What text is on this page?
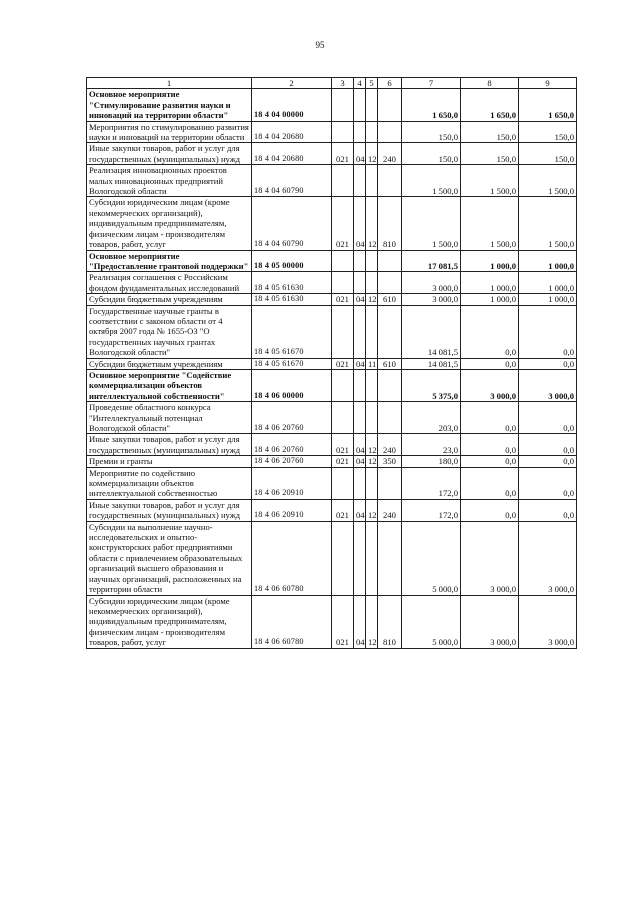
95
1	2	3	4	5	6	7	8	9
Основное мероприятие "Стимулирование развития науки и инноваций на территории области"	18 4 04 00000					1 650,0	1 650,0	1 650,0
Мероприятия по стимулированию развития науки и инноваций на территории области	18 4 04 20680					150,0	150,0	150,0
Иные закупки товаров, работ и услуг для государственных (муниципальных) нужд	18 4 04 20680	021	04	12	240	150,0	150,0	150,0
Реализация инновационных проектов малых инновационных предприятий Вологодской области	18 4 04 60790					1 500,0	1 500,0	1 500,0
Субсидии юридическим лицам (кроме некоммерческих организаций), индивидуальным предпринимателям, физическим лицам - производителям товаров, работ, услуг	18 4 04 60790	021	04	12	810	1 500,0	1 500,0	1 500,0
Основное мероприятие "Предоставление грантовой поддержки"	18 4 05 00000					17 081,5	1 000,0	1 000,0
Реализация соглашения с Российским фондом фундаментальных исследований	18 4 05 61630					3 000,0	1 000,0	1 000,0
Субсидии бюджетным учреждениям	18 4 05 61630	021	04	12	610	3 000,0	1 000,0	1 000,0
Государственные научные гранты в соответствии с законом области от 4 октября 2007 года № 1655-ОЗ "О государственных научных грантах Вологодской области"	18 4 05 61670					14 081,5	0,0	0,0
Субсидии бюджетным учреждениям	18 4 05 61670	021	04	11	610	14 081,5	0,0	0,0
Основное мероприятие "Содействие коммерциализации объектов интеллектуальной собственности"	18 4 06 00000					5 375,0	3 000,0	3 000,0
Проведение областного конкурса "Интеллектуальный потенциал Вологодской области"	18 4 06 20760					203,0	0,0	0,0
Иные закупки товаров, работ и услуг для государственных (муниципальных) нужд	18 4 06 20760	021	04	12	240	23,0	0,0	0,0
Премии и гранты	18 4 06 20760	021	04	12	350	180,0	0,0	0,0
Мероприятие по содействию коммерциализации объектов интеллектуальной собственностью	18 4 06 20910					172,0	0,0	0,0
Иные закупки товаров, работ и услуг для государственных (муниципальных) нужд	18 4 06 20910	021	04	12	240	172,0	0,0	0,0
Субсидии на выполнение научно-исследовательских и опытно-конструкторских работ предприятиями области с привлечением образовательных организаций высшего образования и научных организаций, расположенных на территории области	18 4 06 60780					5 000,0	3 000,0	3 000,0
Субсидии юридическим лицам (кроме некоммерческих организаций), индивидуальным предпринимателям, физическим лицам - производителям товаров, работ, услуг	18 4 06 60780	021	04	12	810	5 000,0	3 000,0	3 000,0
